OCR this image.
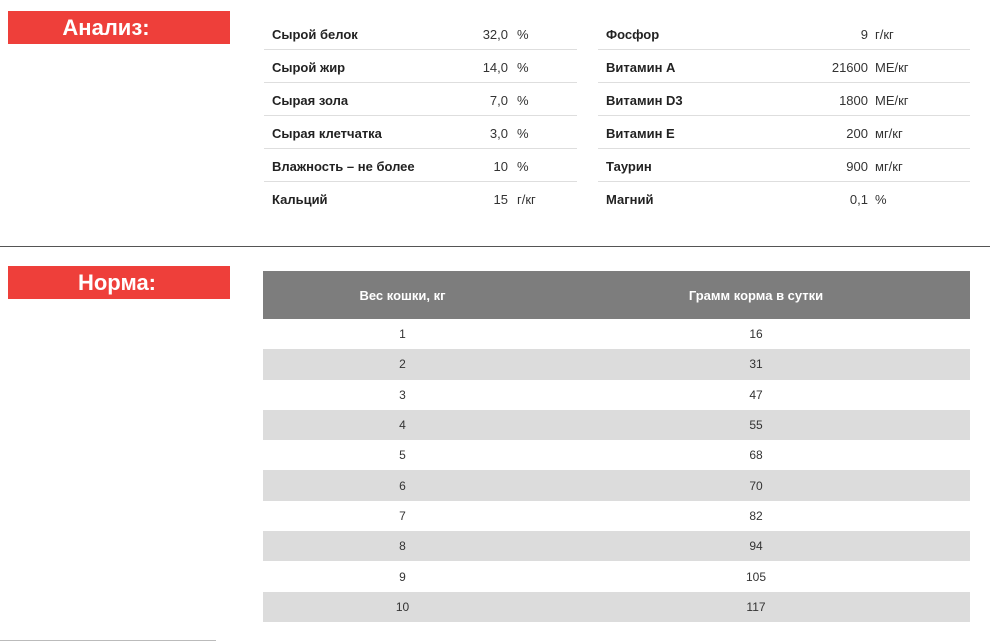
Анализ:	Сырой белок	32,0 %
Сырой жир	14,0 %
Сырая зола	7,0 %
Сырая клетчатка	3,0 %
Влажность – не более	10 %
Кальций	15 г/кг
Фосфор	9 г/кг
Витамин А	21600 МЕ/кг
Витамин D3	1800 МЕ/кг
Витамин Е	200 мг/кг
Таурин	900 мг/кг
Магний	0,1 %
Норма:
Вес кошки, кг	Грамм корма в сутки
1	16
2	31
3	47
4	55
5	68
6	70
7	82
8	94
9	105
10	117
